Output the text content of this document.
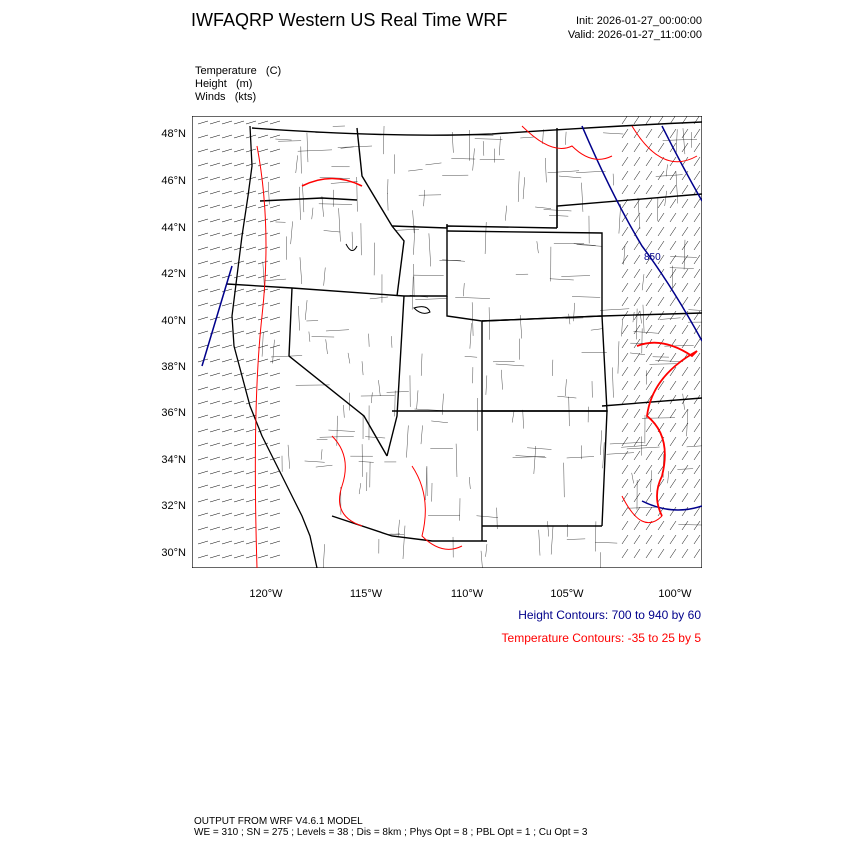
IWFAQRP Western US Real Time WRF	Init: 2026-01-27_00:00:00
Valid: 2026-01-27_11:00:00
Temperature   (C)
Height   (m)
Winds   (kts)
850
48°N
46°N
44°N
42°N
40°N
38°N
36°N
34°N
32°N
30°N
120°W	115°W	110°W	105°W	100°W
Height Contours: 700 to 940 by 60
Temperature Contours: -35 to 25 by 5
OUTPUT FROM WRF V4.6.1 MODEL
WE = 310 ; SN = 275 ; Levels = 38 ; Dis = 8km ; Phys Opt = 8 ; PBL Opt = 1 ; Cu Opt = 3
